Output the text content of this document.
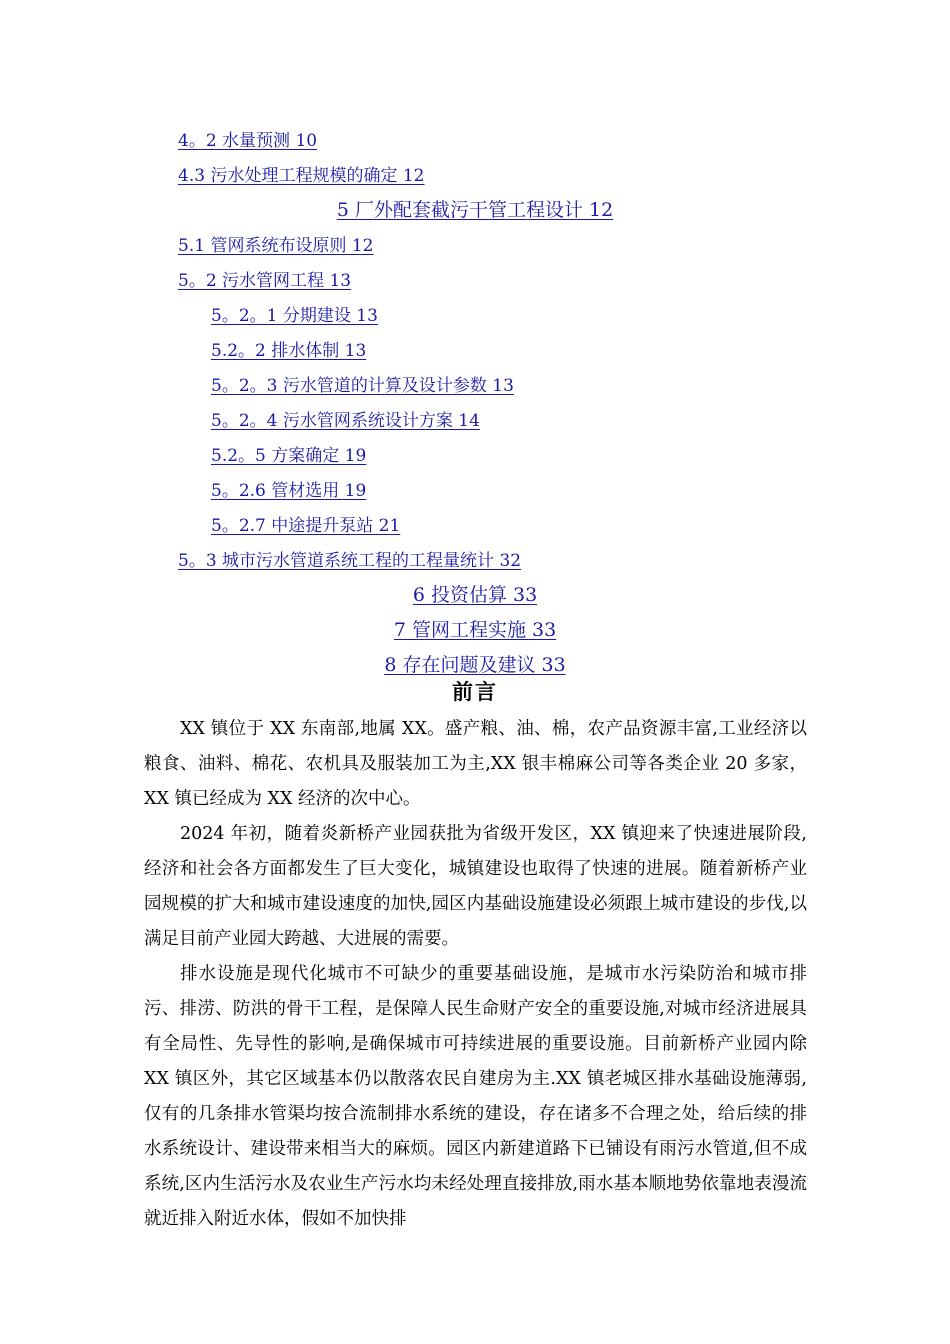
4。2 水量预测 10
4.3 污水处理工程规模的确定 12
5 厂外配套截污干管工程设计 12
5.1 管网系统布设原则 12
5。2 污水管网工程 13
5。2。1 分期建设 13
5.2。2 排水体制 13
5。2。3 污水管道的计算及设计参数 13
5。2。4 污水管网系统设计方案 14
5.2。5 方案确定 19
5。2.6 管材选用 19
5。2.7 中途提升泵站 21
5。3 城市污水管道系统工程的工程量统计 32
6 投资估算 33
7 管网工程实施 33
8 存在问题及建议 33
前言

XX 镇位于 XX 东南部,地属 XX。盛产粮、油、棉，农产品资源丰富,工业经济以粮食、油料、棉花、农机具及服装加工为主,XX 银丰棉麻公司等各类企业 20 多家，XX 镇已经成为 XX 经济的次中心。

2024 年初，随着炎新桥产业园获批为省级开发区，XX 镇迎来了快速进展阶段,经济和社会各方面都发生了巨大变化，城镇建设也取得了快速的进展。随着新桥产业园规模的扩大和城市建设速度的加快,园区内基础设施建设必须跟上城市建设的步伐,以满足目前产业园大跨越、大进展的需要。

排水设施是现代化城市不可缺少的重要基础设施，是城市水污染防治和城市排污、排涝、防洪的骨干工程，是保障人民生命财产安全的重要设施,对城市经济进展具有全局性、先导性的影响,是确保城市可持续进展的重要设施。目前新桥产业园内除 XX 镇区外，其它区域基本仍以散落农民自建房为主.XX 镇老城区排水基础设施薄弱,仅有的几条排水管渠均按合流制排水系统的建设，存在诸多不合理之处，给后续的排水系统设计、建设带来相当大的麻烦。园区内新建道路下已铺设有雨污水管道,但不成系统,区内生活污水及农业生产污水均未经处理直接排放,雨水基本顺地势依靠地表漫流就近排入附近水体，假如不加快排
